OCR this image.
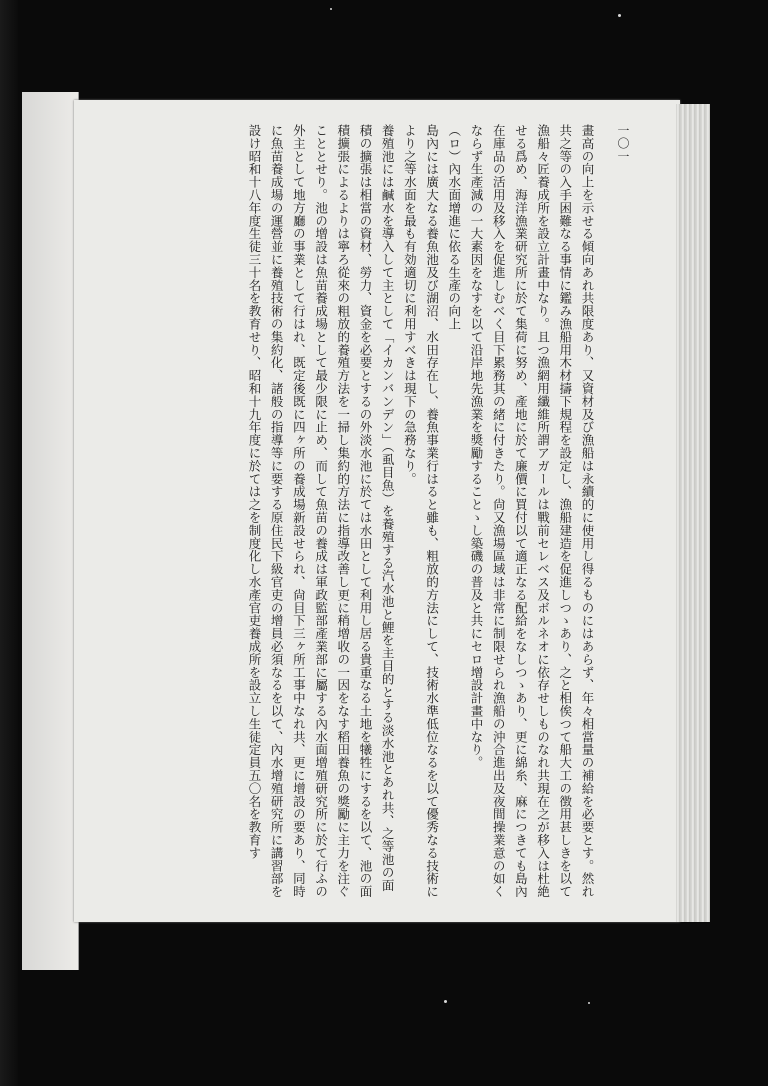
一〇一

畫高の向上を示せる傾向あれ共限度あり、又資材及び漁船は永續的に使用し得るものにはあらず、年々相當量の補給を必要とす。然れ共之等の入手困難なる事情に鑑み漁船用木材擣下規程を設定し、漁船建造を促進しつゝあり、之と相俟つて船大工の徴用甚しきを以て漁船々匠養成所を設立計畫中なり。且つ漁網用纖維所謂アガールは戰前セレベス及ボルネオに依存せしものなれ共現在之が移入は杜絶せる爲め、海洋漁業研究所に於て集荷に努め、產地に於て廉價に買付以て適正なる配給をなしつゝあり、更に綿糸、麻につきても島內在庫品の活用及移入を促進しむべく目下累務其の緒に付きたり。尙又漁場區域は非常に制限せられ漁船の沖合進出及夜間操業意の如くならず生產減の一大素因をなすを以て沿岸地先漁業を獎勵することゝし築磯の普及と共にセロ增設計畫中なり。

（ロ）內水面增進に依る生產の向上

島內には廣大なる養魚池及び湖沼、水田存在し、養魚事業行はると雖も、粗放的方法にして、技術水準低位なるを以て優秀なる技術により之等水面を最も有効適切に利用すべきは現下の急務なり。

養殖池には鹹水を導入して主として「イカンバンデン」（虱目魚）を養殖する汽水池と鯉を主目的とする淡水池とあれ共、之等池の面積の擴張は相當の資材、勞力、資金を必要とするの外淡水池に於ては水田として利用し居る貴重なる土地を犧牲にするを以て、池の面積擴張によるよりは寧ろ從來の粗放的養殖方法を一掃し集約的方法に指導改善し更に稍增收の一因をなす稻田養魚の獎勵に主力を注ぐこととせり。池の增設は魚苗養成場として最少限に止め、而して魚苗の養成は軍政監部產業部に屬する內水面增殖研究所に於て行ふの外主として地方廳の事業として行はれ、既定後既に四ヶ所の養成場新設せられ、尙目下三ヶ所工事中なれ共、更に增設の要あり、同時に魚苗養成場の運營並に養殖技術の集約化、諸般の指導等に要する原住民下級官吏の增員必須なるを以て、內水增殖研究所に講習部を設け昭和十八年度生徒三十名を教育せり、昭和十九年度に於ては之を制度化し水產官吏養成所を設立し生徒定員五〇名を教育す
